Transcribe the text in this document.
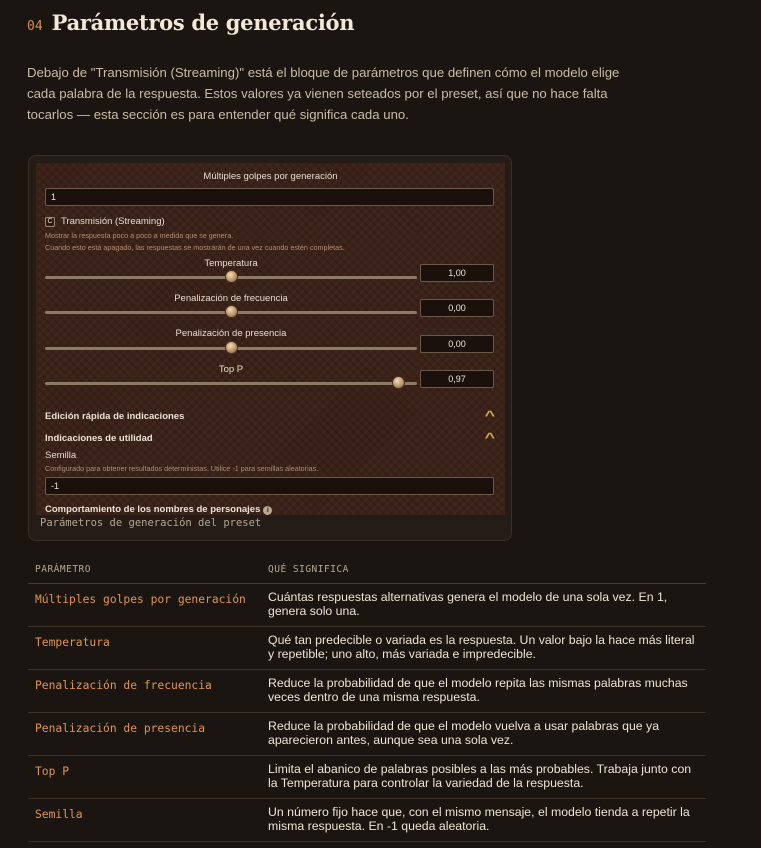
04 Parámetros de generación

Debajo de "Transmisión (Streaming)" está el bloque de parámetros que definen cómo el modelo elige cada palabra de la respuesta. Estos valores ya vienen seteados por el preset, así que no hace falta tocarlos — esta sección es para entender qué significa cada uno.

Múltiples golpes por generación
1
C Transmisión (Streaming)
Mostrar la respuesta poco a poco a medida que se genera.
Cuando esto está apagado, las respuestas se mostrarán de una vez cuando estén completas.
Temperatura
1,00
Penalización de frecuencia
0,00
Penalización de presencia
0,00
Top P
0,97
Edición rápida de indicaciones	^
Indicaciones de utilidad	^
Semilla
Configurado para obtener resultados deterministas. Utilice -1 para semillas aleatorias.
-1
Comportamiento de los nombres de personajes i
Parámetros de generación del preset
PARÁMETRO	QUÉ SIGNIFICA
Múltiples golpes por generación	Cuántas respuestas alternativas genera el modelo de una sola vez. En 1, genera solo una.
Temperatura	Qué tan predecible o variada es la respuesta. Un valor bajo la hace más literal y repetible; uno alto, más variada e impredecible.
Penalización de frecuencia	Reduce la probabilidad de que el modelo repita las mismas palabras muchas veces dentro de una misma respuesta.
Penalización de presencia	Reduce la probabilidad de que el modelo vuelva a usar palabras que ya aparecieron antes, aunque sea una sola vez.
Top P	Limita el abanico de palabras posibles a las más probables. Trabaja junto con la Temperatura para controlar la variedad de la respuesta.
Semilla	Un número fijo hace que, con el mismo mensaje, el modelo tienda a repetir la misma respuesta. En -1 queda aleatoria.
